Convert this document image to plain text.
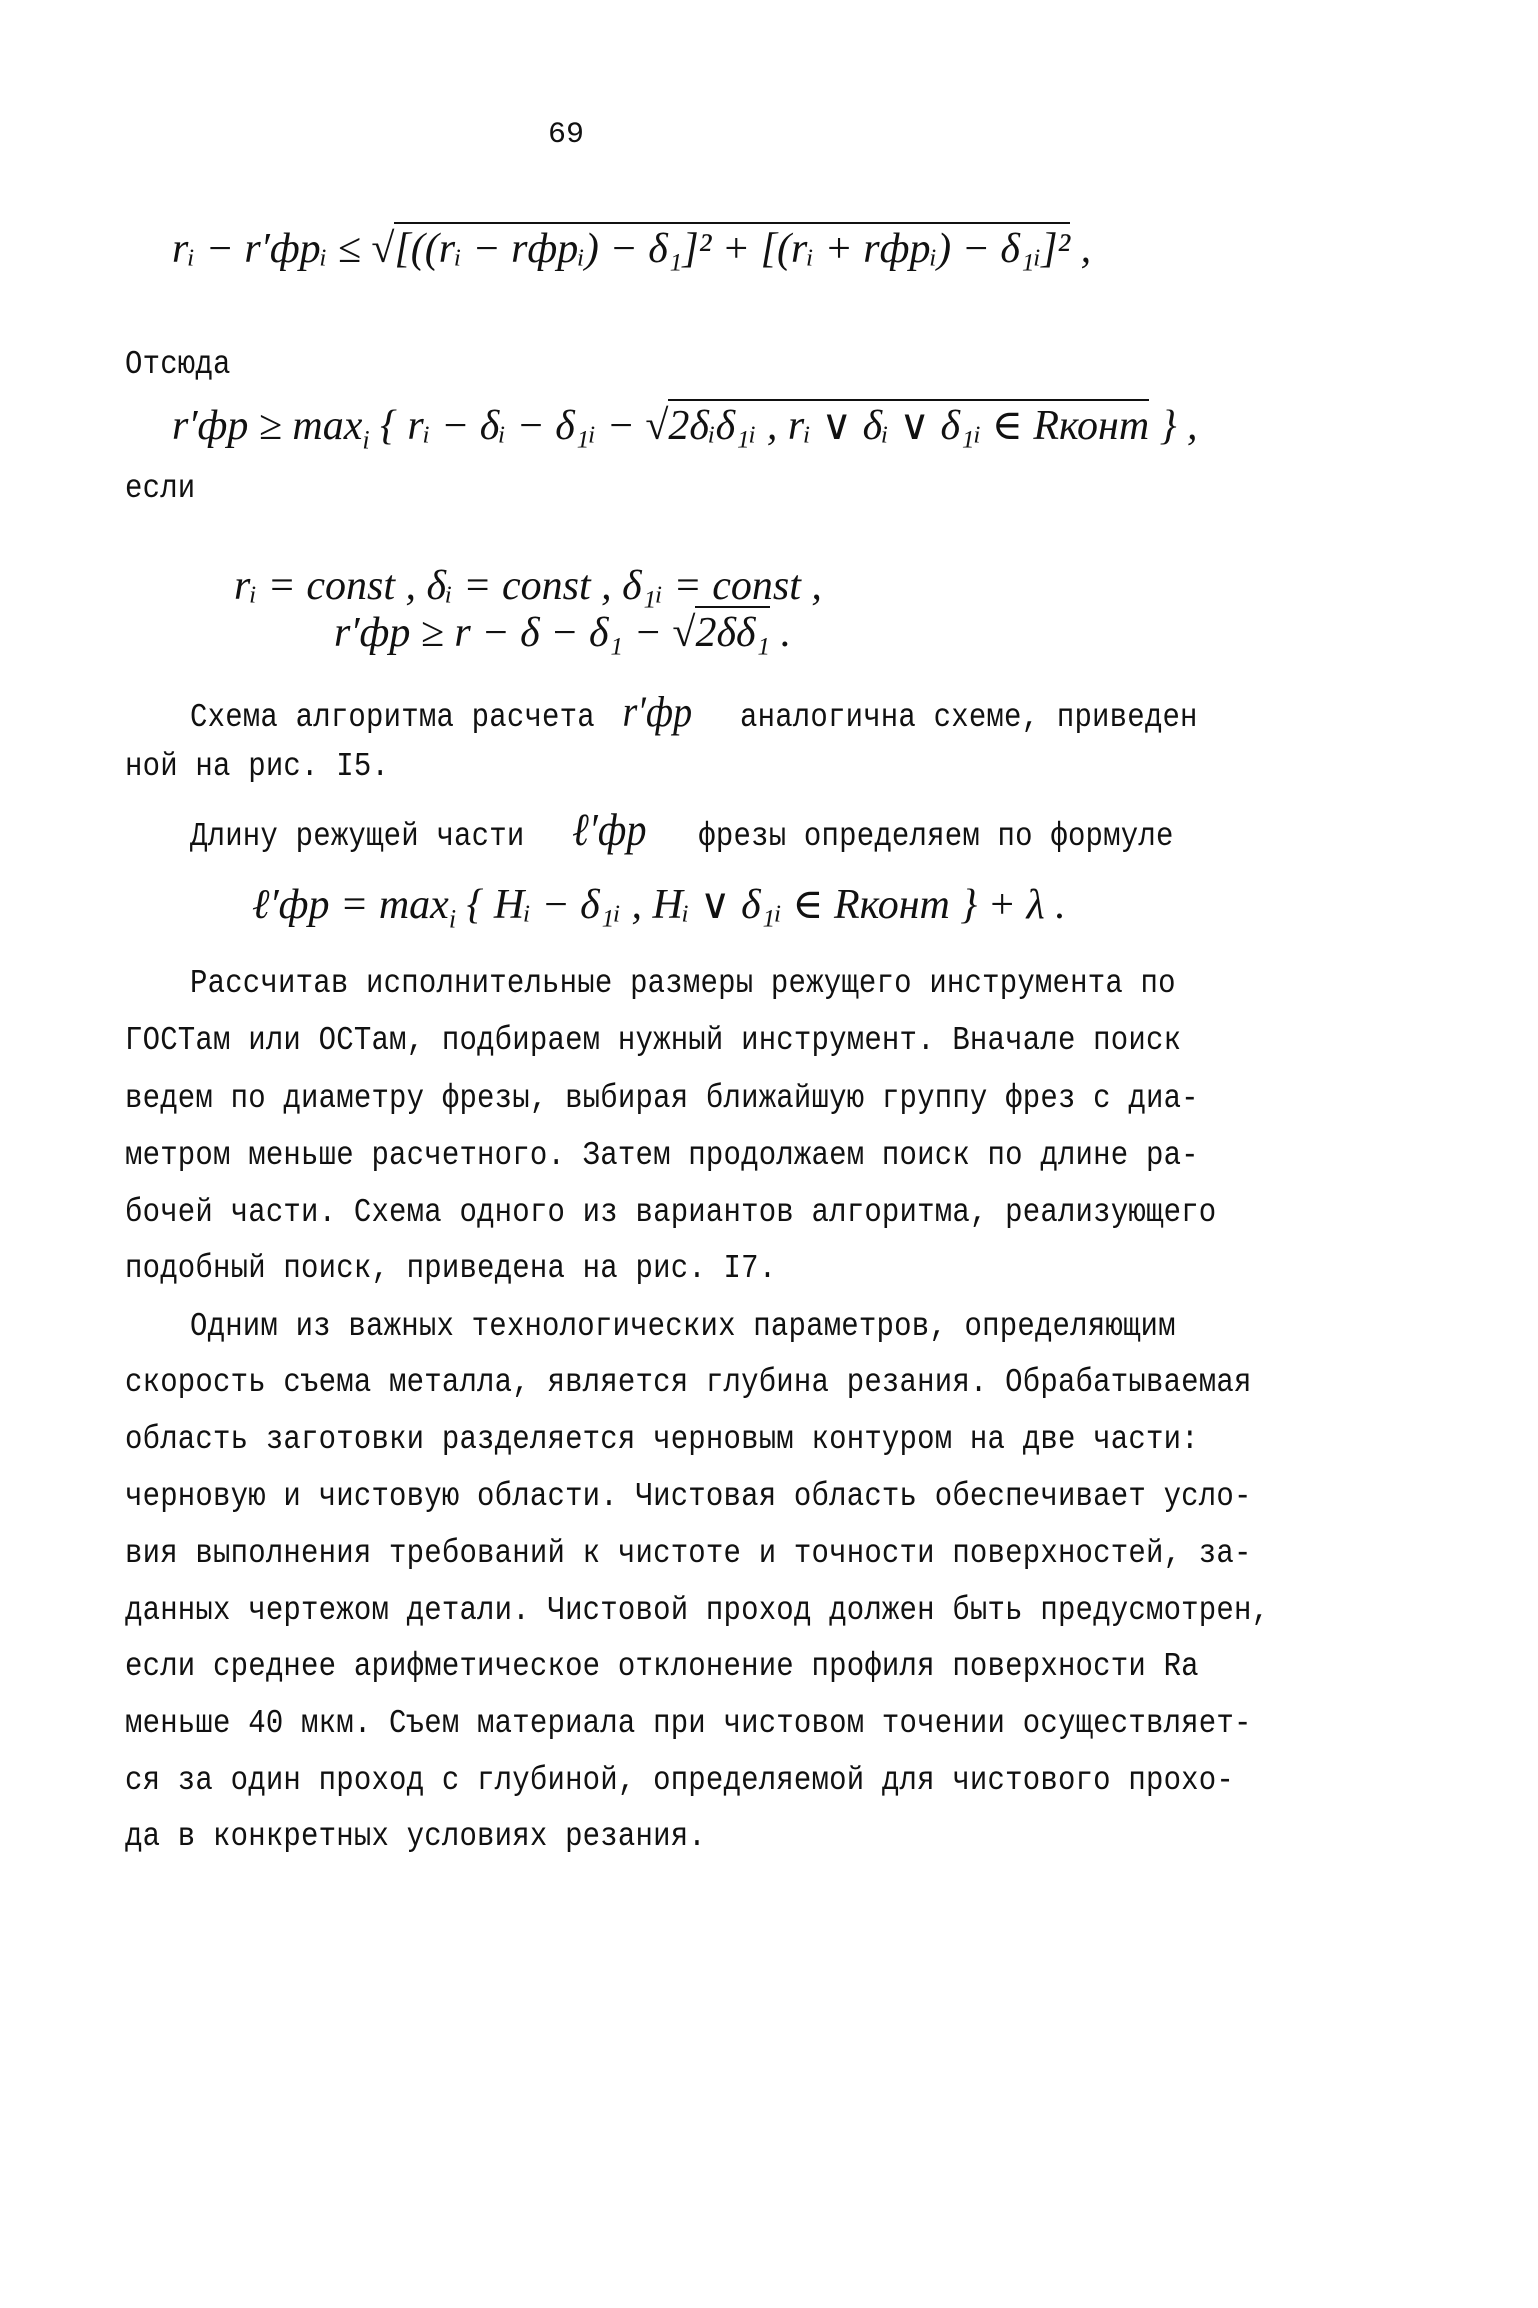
69
rᵢ − r′фрᵢ ≤ √[((rᵢ − rфрᵢ) − δ₁]² + [(rᵢ + rфрᵢ) − δ₁ᵢ]² ,
Отсюда
$r'фр \ge \max_i$ { rᵢ − δᵢ − δ₁ᵢ − √2δᵢδ₁ᵢ , rᵢ ∨ δᵢ ∨ δ₁ᵢ ∈ Rконт } ,
если
rᵢ = const , δᵢ = const , δ₁ᵢ = const ,
r′фр ≥ r − δ − δ₁ − √2δδ₁ .
Схема алгоритма расчета r′фр аналогична схеме, приведен
ной на рис. I5.
Длину режущей части ℓ′фр фрезы определяем по формуле
ℓ′фр = $\max_i$ { Hᵢ − δ₁ᵢ , Hᵢ ∨ δ₁ᵢ ∈ Rконт } + λ .
Рассчитав исполнительные размеры режущего инструмента по
ГОСТам или ОСТам, подбираем нужный инструмент. Вначале поиск
ведем по диаметру фрезы, выбирая ближайшую группу фрез с диа-
метром меньше расчетного. Затем продолжаем поиск по длине ра-
бочей части. Схема одного из вариантов алгоритма, реализующего
подобный поиск, приведена на рис. I7.
Одним из важных технологических параметров, определяющим
скорость съема металла, является глубина резания. Обрабатываемая
область заготовки разделяется черновым контуром на две части:
черновую и чистовую области. Чистовая область обеспечивает усло-
вия выполнения требований к чистоте и точности поверхностей, за-
данных чертежом детали. Чистовой проход должен быть предусмотрен,
если среднее арифметическое отклонение профиля поверхности Ra
меньше 40 мкм. Съем материала при чистовом точении осуществляет-
ся за один проход с глубиной, определяемой для чистового прохо-
да в конкретных условиях резания.
